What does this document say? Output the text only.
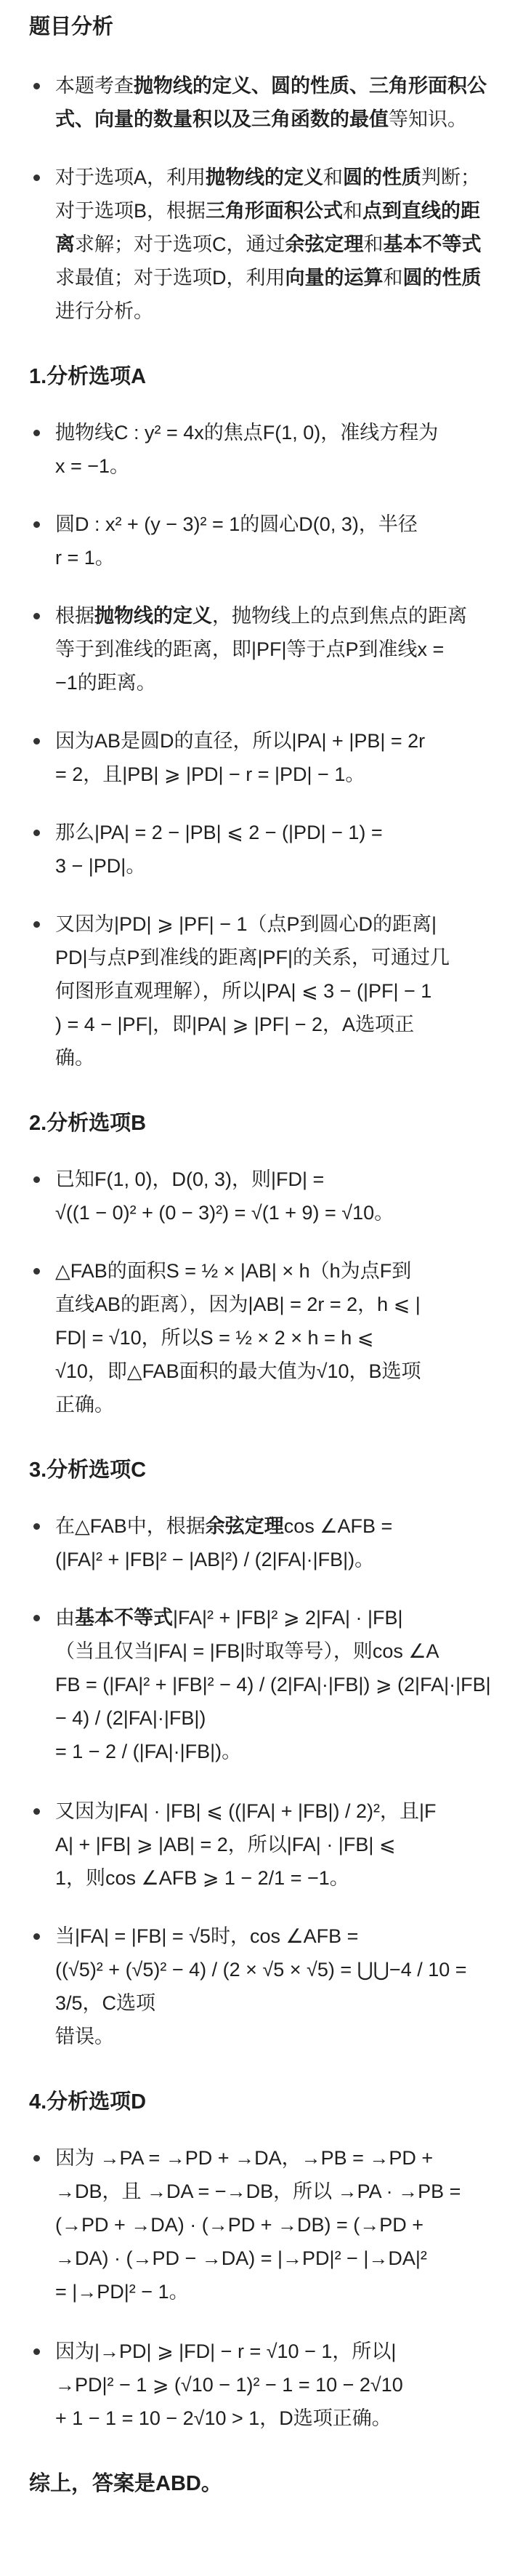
题目分析
本题考查抛物线的定义、圆的性质、三角形面积公式、向量的数量积以及三角函数的最值等知识。
对于选项A，利用抛物线的定义和圆的性质判断；对于选项B，根据三角形面积公式和点到直线的距离求解；对于选项C，通过余弦定理和基本不等式求最值；对于选项D，利用向量的运算和圆的性质进行分析。
1.分析选项A
抛物线C : y² = 4x的焦点F(1, 0)，准线方程为
x = −1。
圆D : x² + (y − 3)² = 1的圆心D(0, 3)，半径
r = 1。
根据抛物线的定义，抛物线上的点到焦点的距离
等于到准线的距离，即|PF|等于点P到准线x =
−1的距离。
因为AB是圆D的直径，所以|PA| + |PB| = 2r
= 2，且|PB| ⩾ |PD| − r = |PD| − 1。
那么|PA| = 2 − |PB| ⩽ 2 − (|PD| − 1) =
3 − |PD|。
又因为|PD| ⩾ |PF| − 1（点P到圆心D的距离|
PD|与点P到准线的距离|PF|的关系，可通过几
何图形直观理解），所以|PA| ⩽ 3 − (|PF| − 1
) = 4 − |PF|，即|PA| ⩾ |PF| − 2，A选项正
确。
2.分析选项B
已知F(1, 0)，D(0, 3)，则|FD| =
√((1 − 0)² + (0 − 3)²) = √(1 + 9) = √10。
△FAB的面积S = ½ × |AB| × h（h为点F到
直线AB的距离），因为|AB| = 2r = 2，h ⩽ |
FD| = √10，所以S = ½ × 2 × h = h ⩽
√10，即△FAB面积的最大值为√10，B选项
正确。
3.分析选项C
在△FAB中，根据余弦定理cos ∠AFB =
(|FA|² + |FB|² − |AB|²) / (2|FA|·|FB|)。
由基本不等式|FA|² + |FB|² ⩾ 2|FA| · |FB|
（当且仅当|FA| = |FB|时取等号），则cos ∠A
FB = (|FA|² + |FB|² − 4) / (2|FA|·|FB|) ⩾ (2|FA|·|FB| − 4) / (2|FA|·|FB|)
= 1 − 2 / (|FA|·|FB|)。
又因为|FA| · |FB| ⩽ ((|FA| + |FB|) / 2)²，且|F
A| + |FB| ⩾ |AB| = 2，所以|FA| · |FB| ⩽
1，则cos ∠AFB ⩾ 1 − 2/1 = −1。
当|FA| = |FB| = √5时，cos ∠AFB =
((√5)² + (√5)² − 4) / (2 × √5 × √5) = ⋃⋃−4 / 10 = 3/5，C选项
错误。
4.分析选项D
因为 →PA = →PD + →DA，→PB = →PD +
→DB，且 →DA = −→DB，所以 →PA · →PB =
(→PD + →DA) · (→PD + →DB) = (→PD +
→DA) · (→PD − →DA) = |→PD|² − |→DA|²
= |→PD|² − 1。
因为|→PD| ⩾ |FD| − r = √10 − 1，所以|
→PD|² − 1 ⩾ (√10 − 1)² − 1 = 10 − 2√10
+ 1 − 1 = 10 − 2√10 > 1，D选项正确。
综上，答案是ABD。
